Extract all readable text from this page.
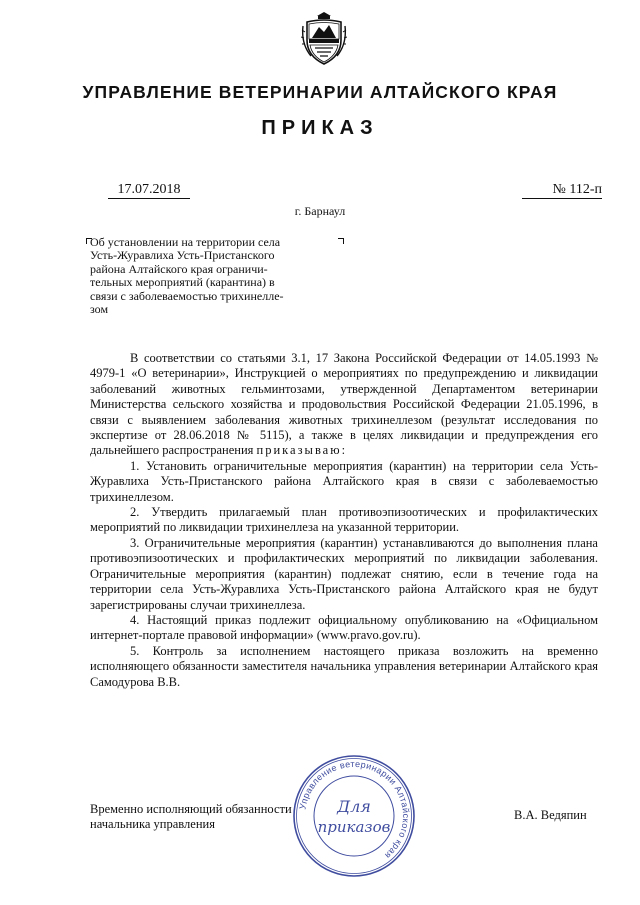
УПРАВЛЕНИЕ ВЕТЕРИНАРИИ АЛТАЙСКОГО КРАЯ
ПРИКАЗ
17.07.2018	№ 112-п
г. Барнаул

Об установлении на территории села

Усть-Журавлиха Усть-Пристанского

района Алтайского края ограничи-

тельных мероприятий (карантина) в

связи с заболеваемостью трихинелле-

зом

В соответствии со статьями 3.1, 17 Закона Российской Федерации от 14.05.1993 № 4979-1 «О ветеринарии», Инструкцией о мероприятиях по предупреждению и ликвидации заболеваний животных гельминтозами, утвержденной Департаментом ветеринарии Министерства сельского хозяйства и продовольствия Российской Федерации 21.05.1996, в связи с выявлением заболевания животных трихинеллезом (результат исследования по экспертизе от 28.06.2018 № 5115), а также в целях ликвидации и предупреждения его дальнейшего распространения приказываю:

1. Установить ограничительные мероприятия (карантин) на территории села Усть-Журавлиха Усть-Пристанского района Алтайского края в связи с заболеваемостью трихинеллезом.

2. Утвердить прилагаемый план противоэпизоотических и профилактических мероприятий по ликвидации трихинеллеза на указанной территории.

3. Ограничительные мероприятия (карантин) устанавливаются до выполнения плана противоэпизоотических и профилактических мероприятий по ликвидации заболевания. Ограничительные мероприятия (карантин) подлежат снятию, если в течение года на территории села Усть-Журавлиха Усть-Пристанского района Алтайского края не будут зарегистрированы случаи трихинеллеза.

4. Настоящий приказ подлежит официальному опубликованию на «Официальном интернет-портале правовой информации» (www.pravo.gov.ru).

5. Контроль за исполнением настоящего приказа возложить на временно исполняющего обязанности заместителя начальника управления ветеринарии Алтайского края Самодурова В.В.

Временно исполняющий обязанности
начальника управления
В.А. Ведяпин
Управление ветеринарии Алтайского края
Для
приказов
